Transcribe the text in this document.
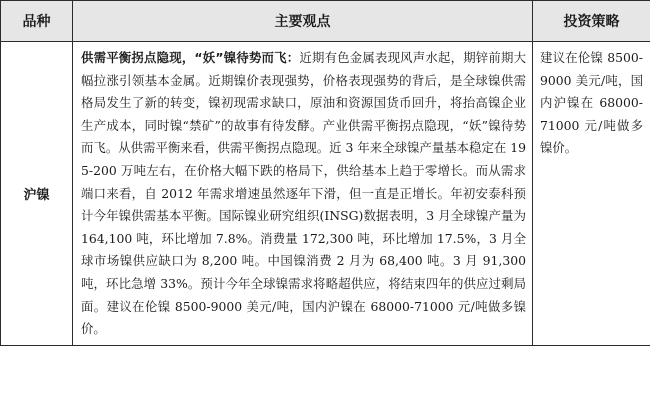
品种	主要观点	投资策略
沪镍	供需平衡拐点隐现，“妖”镍待势而飞：近期有色金属表现风声水起，期锌前期大幅拉涨引领基本金属。近期镍价表现强势，价格表现强势的背后，是全球镍供需格局发生了新的转变，镍初现需求缺口，原油和资源国货币回升，将抬高镍企业生产成本，同时镍“禁矿”的故事有待发酵。产业供需平衡拐点隐现，“妖”镍待势而飞。从供需平衡来看，供需平衡拐点隐现。近 3 年来全球镍产量基本稳定在 195-200 万吨左右，在价格大幅下跌的格局下，供给基本上趋于零增长。而从需求端口来看，自 2012 年需求增速虽然逐年下滑，但一直是正增长。年初安泰科预计今年镍供需基本平衡。国际镍业研究组织(INSG)数据表明，3 月全球镍产量为 164,100 吨，环比增加 7.8%。消费量 172,300 吨，环比增加 17.5%，3 月全球市场镍供应缺口为 8,200 吨。中国镍消费 2 月为 68,400 吨。3 月 91,300 吨，环比急增 33%。预计今年全球镍需求将略超供应，将结束四年的供应过剩局面。建议在伦镍 8500-9000 美元/吨，国内沪镍在 68000-71000 元/吨做多镍价。	建议在伦镍 8500-9000 美元/吨，国内沪镍在 68000-71000 元/吨做多镍价。
